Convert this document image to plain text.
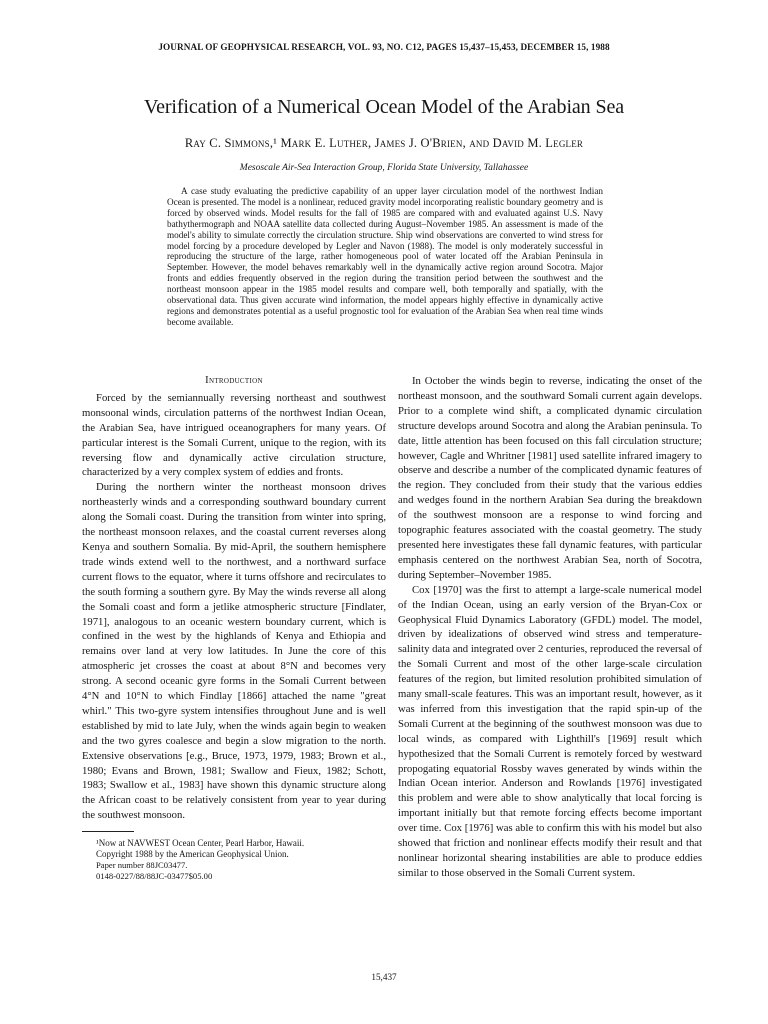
JOURNAL OF GEOPHYSICAL RESEARCH, VOL. 93, NO. C12, PAGES 15,437–15,453, DECEMBER 15, 1988
Verification of a Numerical Ocean Model of the Arabian Sea
Ray C. Simmons,¹ Mark E. Luther, James J. O'Brien, and David M. Legler
Mesoscale Air-Sea Interaction Group, Florida State University, Tallahassee

A case study evaluating the predictive capability of an upper layer circulation model of the northwest Indian Ocean is presented. The model is a nonlinear, reduced gravity model incorporating realistic boundary geometry and is forced by observed winds. Model results for the fall of 1985 are compared with and evaluated against U.S. Navy bathythermograph and NOAA satellite data collected during August–November 1985. An assessment is made of the model's ability to simulate correctly the circulation structure. Ship wind observations are converted to wind stress for model forcing by a procedure developed by Legler and Navon (1988). The model is only moderately successful in reproducing the structure of the large, rather homogeneous pool of water located off the Arabian Peninsula in September. However, the model behaves remarkably well in the dynamically active region around Socotra. Major fronts and eddies frequently observed in the region during the transition period between the southwest and the northeast monsoon appear in the 1985 model results and compare well, both temporally and spatially, with the observational data. Thus given accurate wind information, the model appears highly effective in dynamically active regions and demonstrates potential as a useful prognostic tool for evaluation of the Arabian Sea when real time winds become available.

Introduction

Forced by the semiannually reversing northeast and southwest monsoonal winds, circulation patterns of the northwest Indian Ocean, the Arabian Sea, have intrigued oceanographers for many years. Of particular interest is the Somali Current, unique to the region, with its reversing flow and dynamically active circulation structure, characterized by a very complex system of eddies and fronts.

During the northern winter the northeast monsoon drives northeasterly winds and a corresponding southward boundary current along the Somali coast. During the transition from winter into spring, the northeast monsoon relaxes, and the coastal current reverses along Kenya and southern Somalia. By mid-April, the southern hemisphere trade winds extend well to the northwest, and a northward surface current flows to the equator, where it turns offshore and recirculates to the south forming a southern gyre. By May the winds reverse all along the Somali coast and form a jetlike atmospheric structure [Findlater, 1971], analogous to an oceanic western boundary current, which is confined in the west by the highlands of Kenya and Ethiopia and remains over land at very low latitudes. In June the core of this atmospheric jet crosses the coast at about 8°N and becomes very strong. A second oceanic gyre forms in the Somali Current between 4°N and 10°N to which Findlay [1866] attached the name "great whirl." This two-gyre system intensifies throughout June and is well established by mid to late July, when the winds again begin to weaken and the two gyres coalesce and begin a slow migration to the north. Extensive observations [e.g., Bruce, 1973, 1979, 1983; Brown et al., 1980; Evans and Brown, 1981; Swallow and Fieux, 1982; Schott, 1983; Swallow et al., 1983] have shown this dynamic structure along the African coast to be relatively consistent from year to year during the southwest monsoon.

¹Now at NAVWEST Ocean Center, Pearl Harbor, Hawaii.

Copyright 1988 by the American Geophysical Union.

Paper number 88JC03477.

0148-0227/88/88JC-03477$05.00

In October the winds begin to reverse, indicating the onset of the northeast monsoon, and the southward Somali current again develops. Prior to a complete wind shift, a complicated dynamic circulation structure develops around Socotra and along the Arabian peninsula. To date, little attention has been focused on this fall circulation structure; however, Cagle and Whritner [1981] used satellite infrared imagery to observe and describe a number of the complicated dynamic features of the region. They concluded from their study that the various eddies and wedges found in the northern Arabian Sea during the breakdown of the southwest monsoon are a response to wind forcing and topographic features associated with the coastal geometry. The study presented here investigates these fall dynamic features, with particular emphasis centered on the northwest Arabian Sea, north of Socotra, during September–November 1985.

Cox [1970] was the first to attempt a large-scale numerical model of the Indian Ocean, using an early version of the Bryan-Cox or Geophysical Fluid Dynamics Laboratory (GFDL) model. The model, driven by idealizations of observed wind stress and temperature-salinity data and integrated over 2 centuries, reproduced the reversal of the Somali Current and most of the other large-scale circulation features of the region, but limited resolution prohibited simulation of many small-scale features. This was an important result, however, as it was inferred from this investigation that the rapid spin-up of the Somali Current at the beginning of the southwest monsoon was due to local winds, as compared with Lighthill's [1969] result which hypothesized that the Somali Current is remotely forced by westward propogating equatorial Rossby waves generated by winds within the Indian Ocean interior. Anderson and Rowlands [1976] investigated this problem and were able to show analytically that local forcing is important initially but that remote forcing effects become important over time. Cox [1976] was able to confirm this with his model but also showed that friction and nonlinear effects modify their result and that nonlinear horizontal shearing instabilities are able to produce eddies similar to those observed in the Somali Current system.

15,437
